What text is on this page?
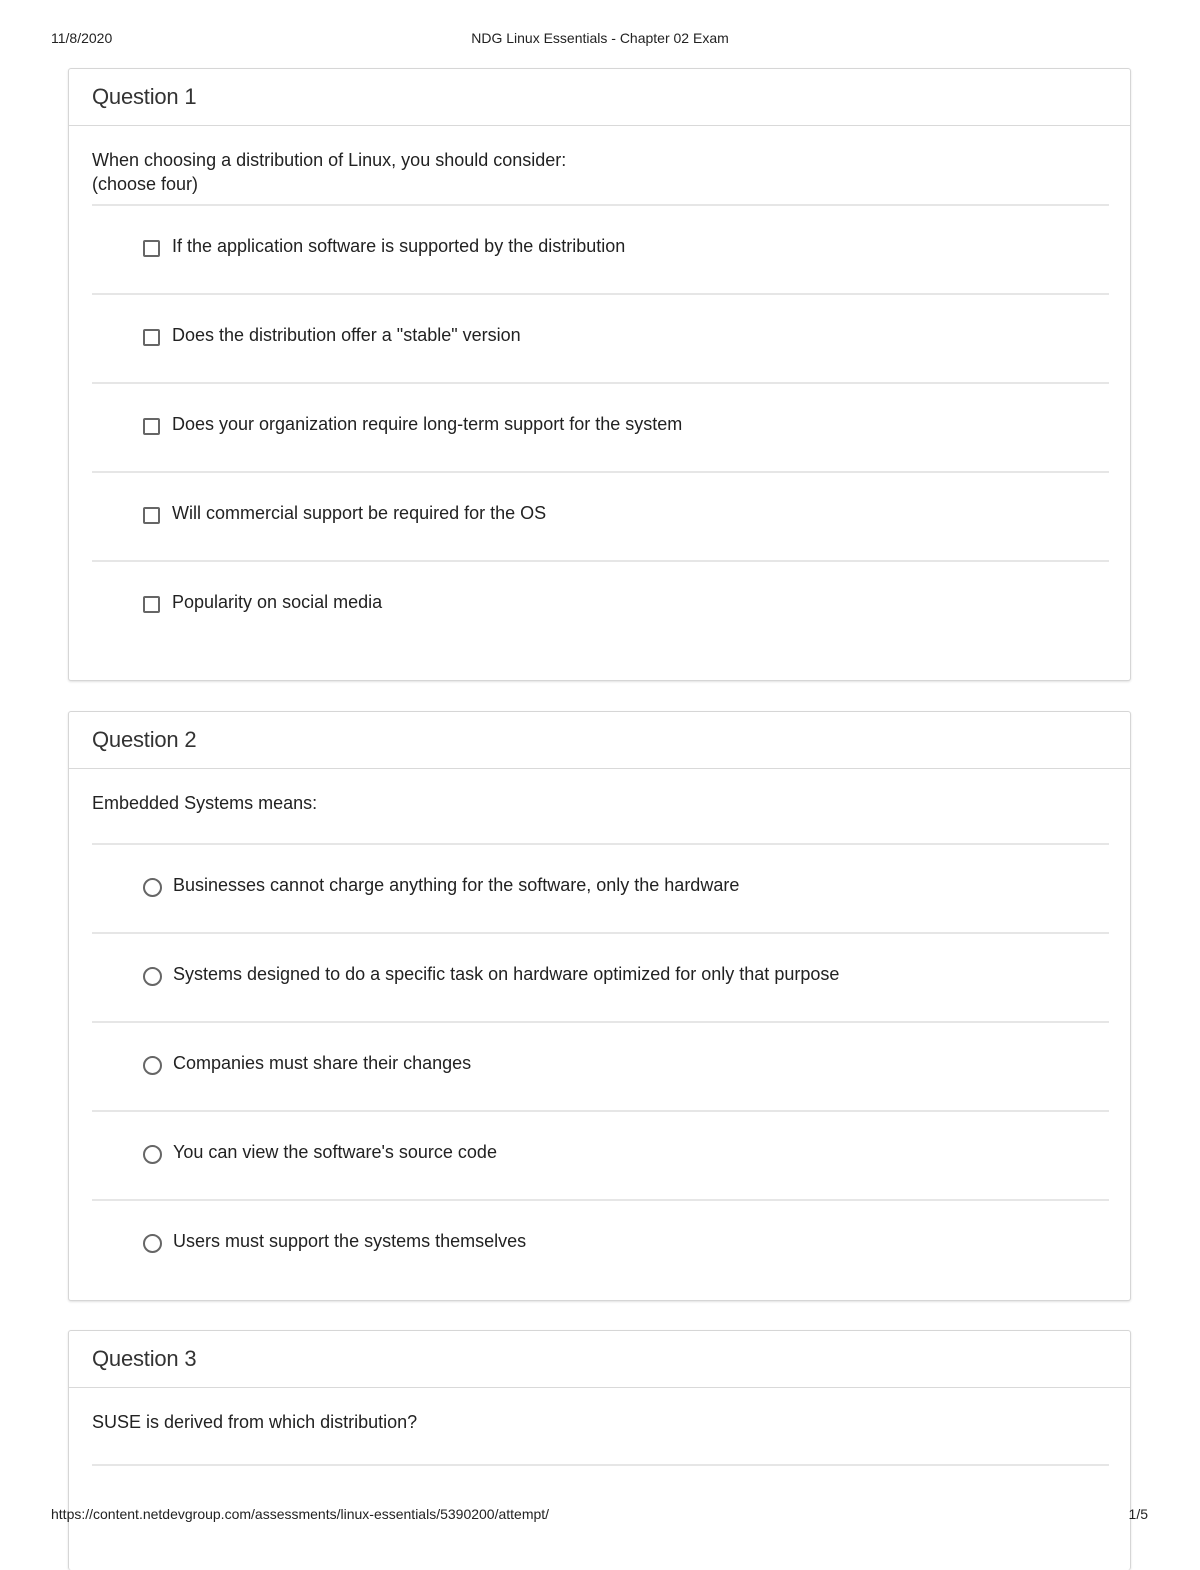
11/8/2020	NDG Linux Essentials - Chapter 02 Exam
Question 1
When choosing a distribution of Linux, you should consider:
(choose four)
If the application software is supported by the distribution
Does the distribution offer a "stable" version
Does your organization require long-term support for the system
Will commercial support be required for the OS
Popularity on social media
Question 2
Embedded Systems means:
Businesses cannot charge anything for the software, only the hardware
Systems designed to do a specific task on hardware optimized for only that purpose
Companies must share their changes
You can view the software's source code
Users must support the systems themselves
Question 3
SUSE is derived from which distribution?
https://content.netdevgroup.com/assessments/linux-essentials/5390200/attempt/	1/5
